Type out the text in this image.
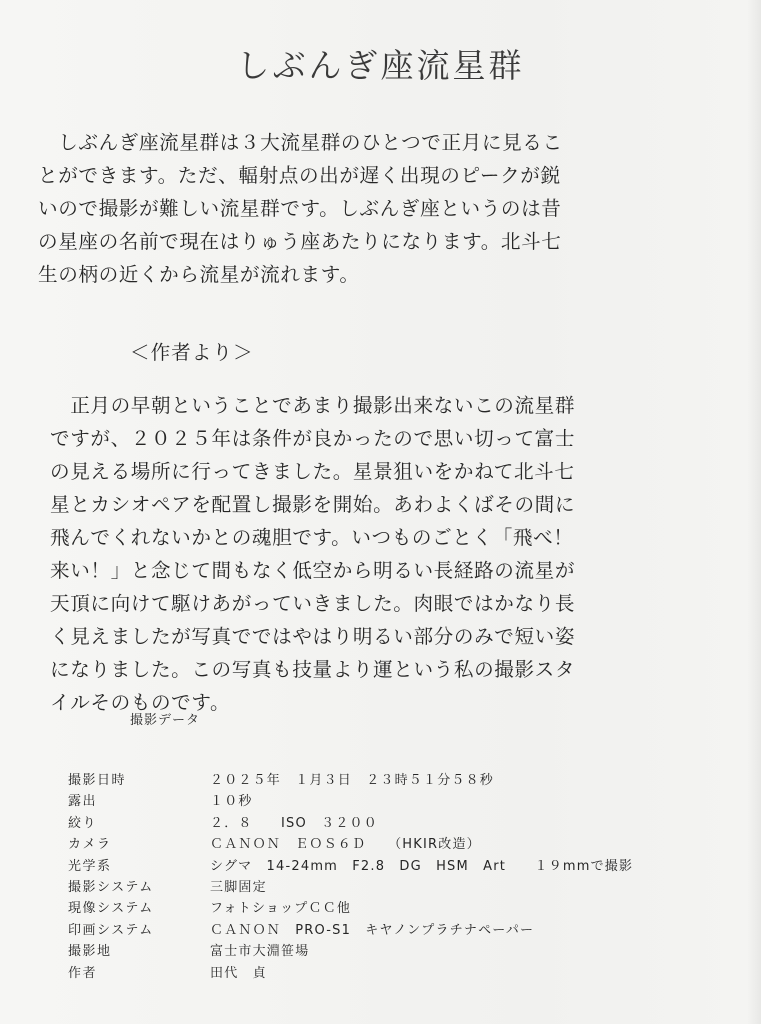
しぶんぎ座流星群
　しぶんぎ座流星群は３大流星群のひとつで正月に見るこ
とができます。ただ、輻射点の出が遅く出現のピークが鋭
いので撮影が難しい流星群です。しぶんぎ座というのは昔
の星座の名前で現在はりゅう座あたりになります。北斗七
生の柄の近くから流星が流れます。
＜作者より＞
　正月の早朝ということであまり撮影出来ないこの流星群
ですが、２０２５年は条件が良かったので思い切って富士
の見える場所に行ってきました。星景狙いをかねて北斗七
星とカシオペアを配置し撮影を開始。あわよくばその間に
飛んでくれないかとの魂胆です。いつものごとく「飛べ！
来い！」と念じて間もなく低空から明るい長経路の流星が
天頂に向けて駆けあがっていきました。肉眼ではかなり長
く見えましたが写真でではやはり明るい部分のみで短い姿
になりました。この写真も技量より運という私の撮影スタ
イルそのものです。
撮影データ
撮影日時	２０２５年　１月３日　２３時５１分５８秒
露出	１０秒
絞り	２．８　　ISO　３２００
カメラ	ＣＡＮＯＮ　ＥＯＳ６Ｄ　　（HKIR改造）
光学系	シグマ　14-24mm　F2.8　DG　HSM　Art　　１９mmで撮影
撮影システム	三脚固定
現像システム	フォトショップＣＣ他
印画システム	ＣＡＮＯＮ　PRO-S1　キヤノンプラチナペーパー
撮影地	富士市大淵笹場
作者	田代　貞
